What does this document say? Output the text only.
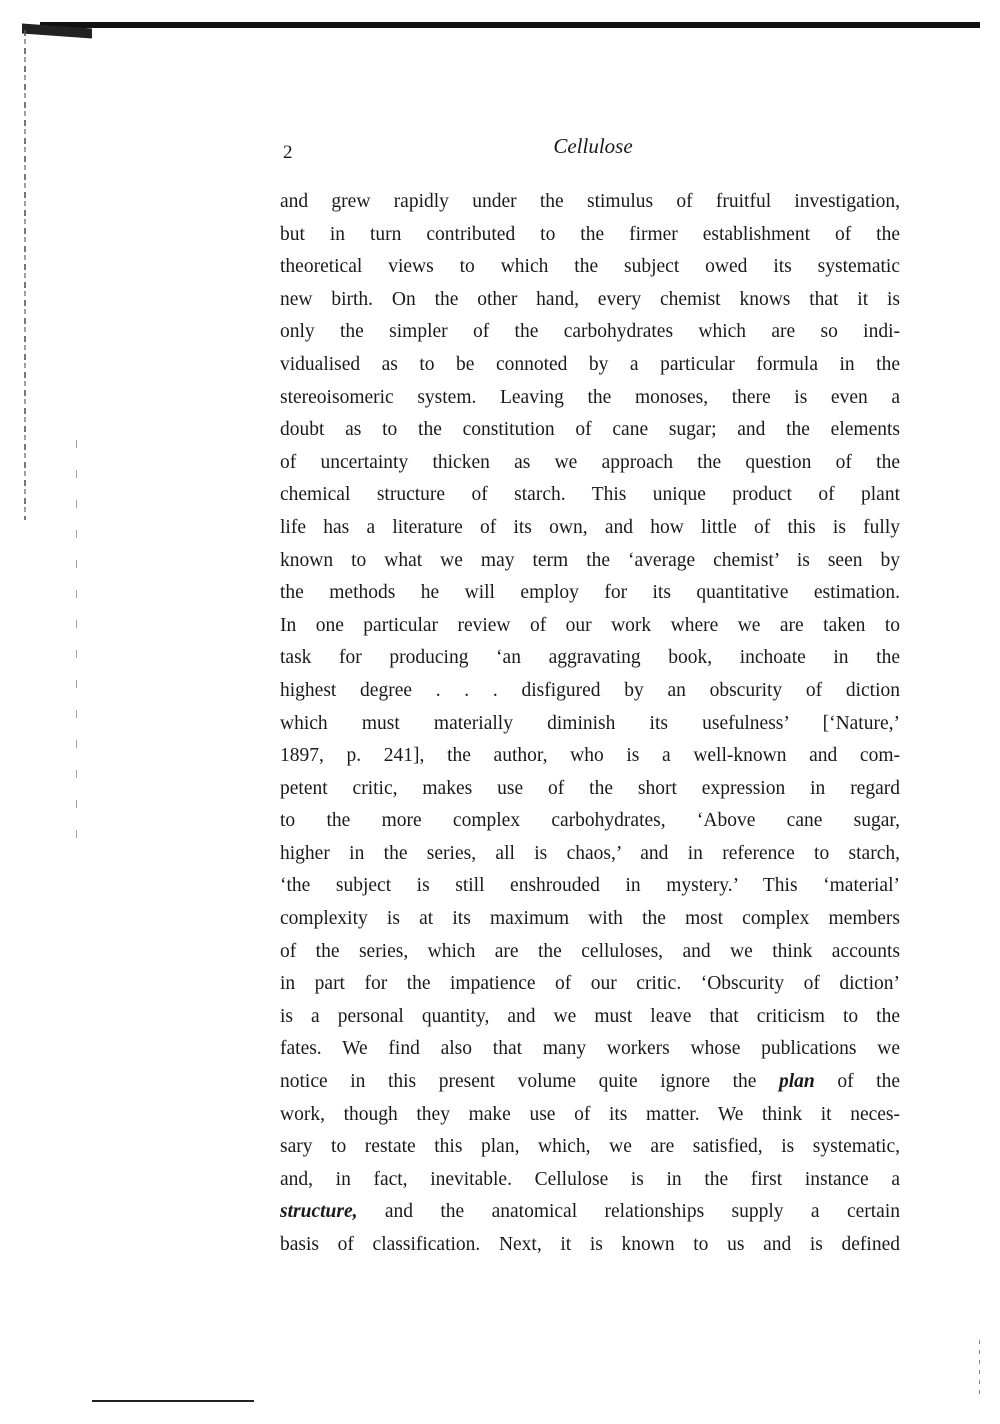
2	Cellulose
and grew rapidly under the stimulus of fruitful investigation,
but in turn contributed to the firmer establishment of the
theoretical views to which the subject owed its systematic
new birth. On the other hand, every chemist knows that it is
only the simpler of the carbohydrates which are so indi-
vidualised as to be connoted by a particular formula in the
stereoisomeric system. Leaving the monoses, there is even a
doubt as to the constitution of cane sugar; and the elements
of uncertainty thicken as we approach the question of the
chemical structure of starch. This unique product of plant
life has a literature of its own, and how little of this is fully
known to what we may term the ‘average chemist’ is seen by
the methods he will employ for its quantitative estimation.
In one particular review of our work where we are taken to
task for producing ‘an aggravating book, inchoate in the
highest degree . . . disfigured by an obscurity of diction
which must materially diminish its usefulness’ [‘Nature,’
1897, p. 241], the author, who is a well-known and com-
petent critic, makes use of the short expression in regard
to the more complex carbohydrates, ‘Above cane sugar,
higher in the series, all is chaos,’ and in reference to starch,
‘the subject is still enshrouded in mystery.’ This ‘material’
complexity is at its maximum with the most complex members
of the series, which are the celluloses, and we think accounts
in part for the impatience of our critic. ‘Obscurity of diction’
is a personal quantity, and we must leave that criticism to the
fates. We find also that many workers whose publications we
notice in this present volume quite ignore the plan of the
work, though they make use of its matter. We think it neces-
sary to restate this plan, which, we are satisfied, is systematic,
and, in fact, inevitable. Cellulose is in the first instance a
structure, and the anatomical relationships supply a certain
basis of classification. Next, it is known to us and is defined
